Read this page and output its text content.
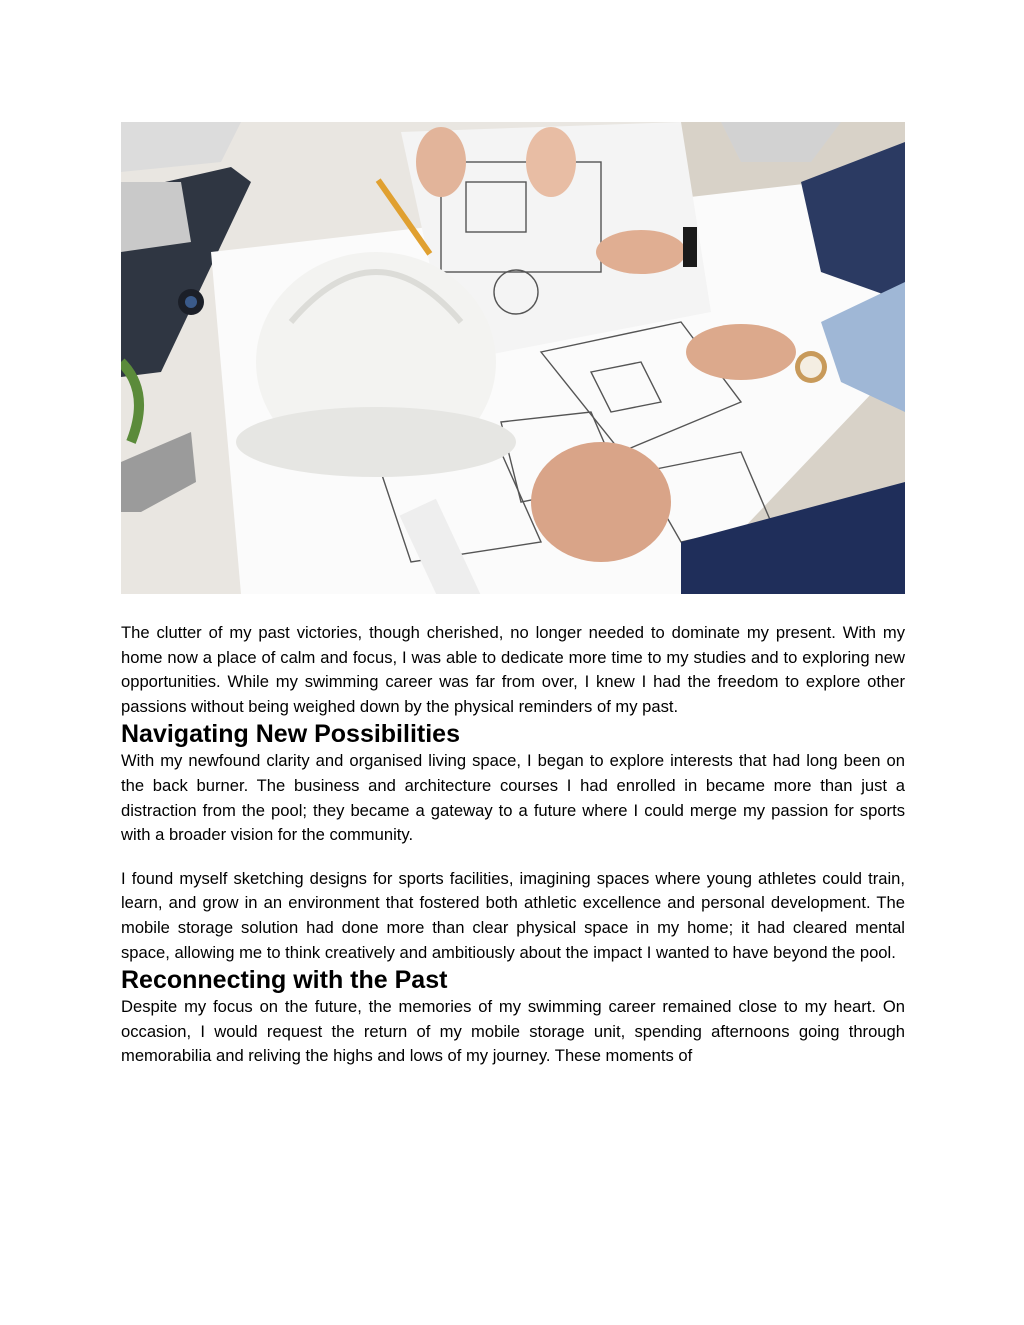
The clutter of my past victories, though cherished, no longer needed to dominate my present. With my home now a place of calm and focus, I was able to dedicate more time to my studies and to exploring new opportunities. While my swimming career was far from over, I knew I had the freedom to explore other passions without being weighed down by the physical reminders of my past.

Navigating New Possibilities

With my newfound clarity and organised living space, I began to explore interests that had long been on the back burner. The business and architecture courses I had enrolled in became more than just a distraction from the pool; they became a gateway to a future where I could merge my passion for sports with a broader vision for the community.

I found myself sketching designs for sports facilities, imagining spaces where young athletes could train, learn, and grow in an environment that fostered both athletic excellence and personal development. The mobile storage solution had done more than clear physical space in my home; it had cleared mental space, allowing me to think creatively and ambitiously about the impact I wanted to have beyond the pool.

Reconnecting with the Past

Despite my focus on the future, the memories of my swimming career remained close to my heart. On occasion, I would request the return of my mobile storage unit, spending afternoons going through memorabilia and reliving the highs and lows of my journey. These moments of
